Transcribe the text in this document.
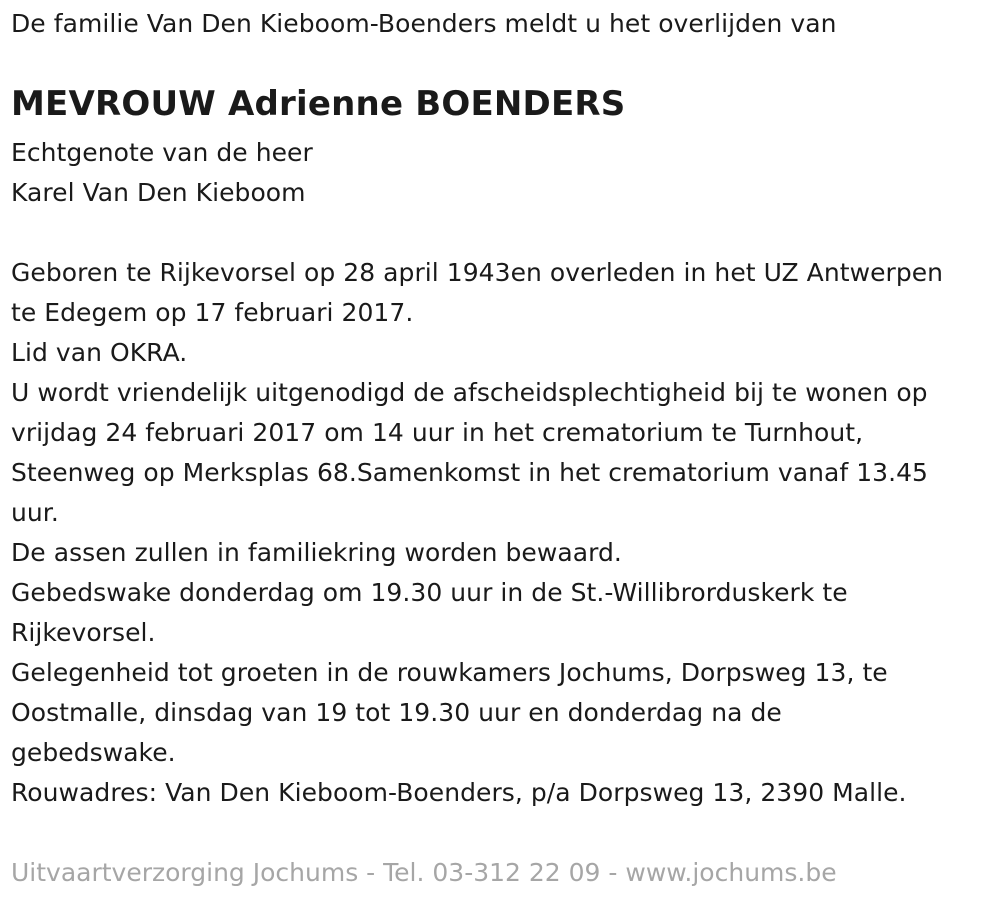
De familie Van Den Kieboom-Boenders meldt u het overlijden van
MEVROUW Adrienne BOENDERS
Echtgenote van de heer
Karel Van Den Kieboom
Geboren te Rijkevorsel op 28 april 1943en overleden in het UZ Antwerpen
te Edegem op 17 februari 2017.
Lid van OKRA.
U wordt vriendelijk uitgenodigd de afscheidsplechtigheid bij te wonen op
vrijdag 24 februari 2017 om 14 uur in het crematorium te Turnhout,
Steenweg op Merksplas 68.Samenkomst in het crematorium vanaf 13.45
uur.
De assen zullen in familiekring worden bewaard.
Gebedswake donderdag om 19.30 uur in de St.-Willibrorduskerk te
Rijkevorsel.
Gelegenheid tot groeten in de rouwkamers Jochums, Dorpsweg 13, te
Oostmalle, dinsdag van 19 tot 19.30 uur en donderdag na de
gebedswake.
Rouwadres: Van Den Kieboom-Boenders, p/a Dorpsweg 13, 2390 Malle.
Uitvaartverzorging Jochums - Tel. 03-312 22 09 - www.jochums.be
